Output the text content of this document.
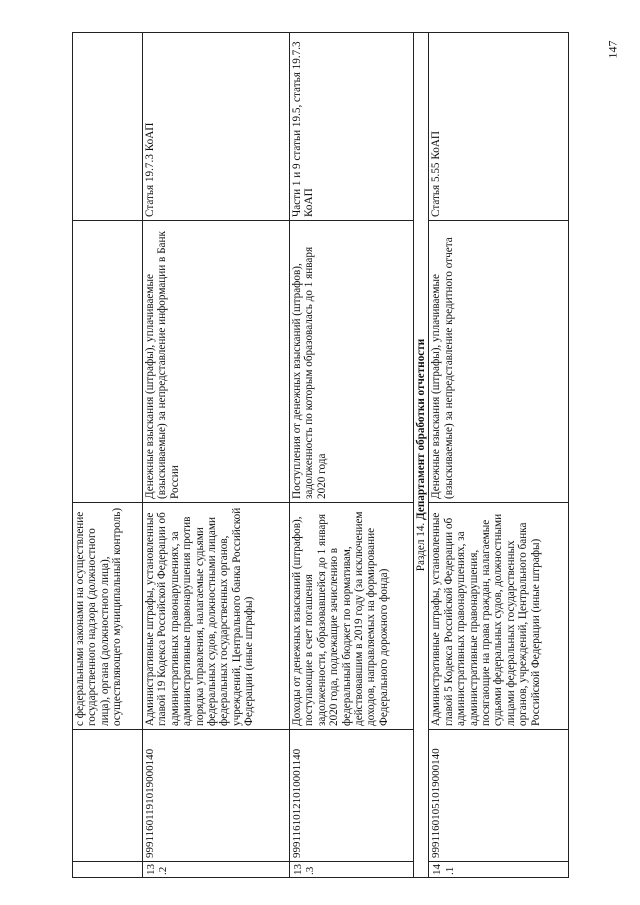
147
		с федеральными законами на осуществление государственного надзора (должностного лица), органа (должностного лица), осуществляющего муниципальный контроль)		
13.2	99911601191019000140	Административные штрафы, установленные главой 19 Кодекса Российской Федерации об административных правонарушениях, за административные правонарушения против порядка управления, налагаемые судьями федеральных судов, должностными лицами федеральных государственных органов, учреждений, Центрального банка Российской Федерации (иные штрафы)	Денежные взыскания (штрафы), уплачиваемые (взыскиваемые) за непредставление информации в Банк России	Статья 19.7.3 КоАП
13.3	99911610121010001140	Доходы от денежных взысканий (штрафов), поступающие в счет погашения задолженности, образовавшейся до 1 января 2020 года, подлежащие зачислению в федеральный бюджет по нормативам, действовавшим в 2019 году (за исключением доходов, направляемых на формирование Федерального дорожного фонда)	Поступления от денежных взысканий (штрафов), задолженность по которым образовалась до 1 января 2020 года	Части 1 и 9 статьи 19.5, статья 19.7.3 КоАП
Раздел 14. Департамент обработки отчетности				
14.1	99911601051019000140	Административные штрафы, установленные главой 5 Кодекса Российской Федерации об административных правонарушениях, за административные правонарушения, посягающие на права граждан, налагаемые судьями федеральных судов, должностными лицами федеральных государственных органов, учреждений, Центрального банка Российской Федерации (иные штрафы)	Денежные взыскания (штрафы), уплачиваемые (взыскиваемые) за непредставление кредитного отчета	Статья 5.55 КоАП
